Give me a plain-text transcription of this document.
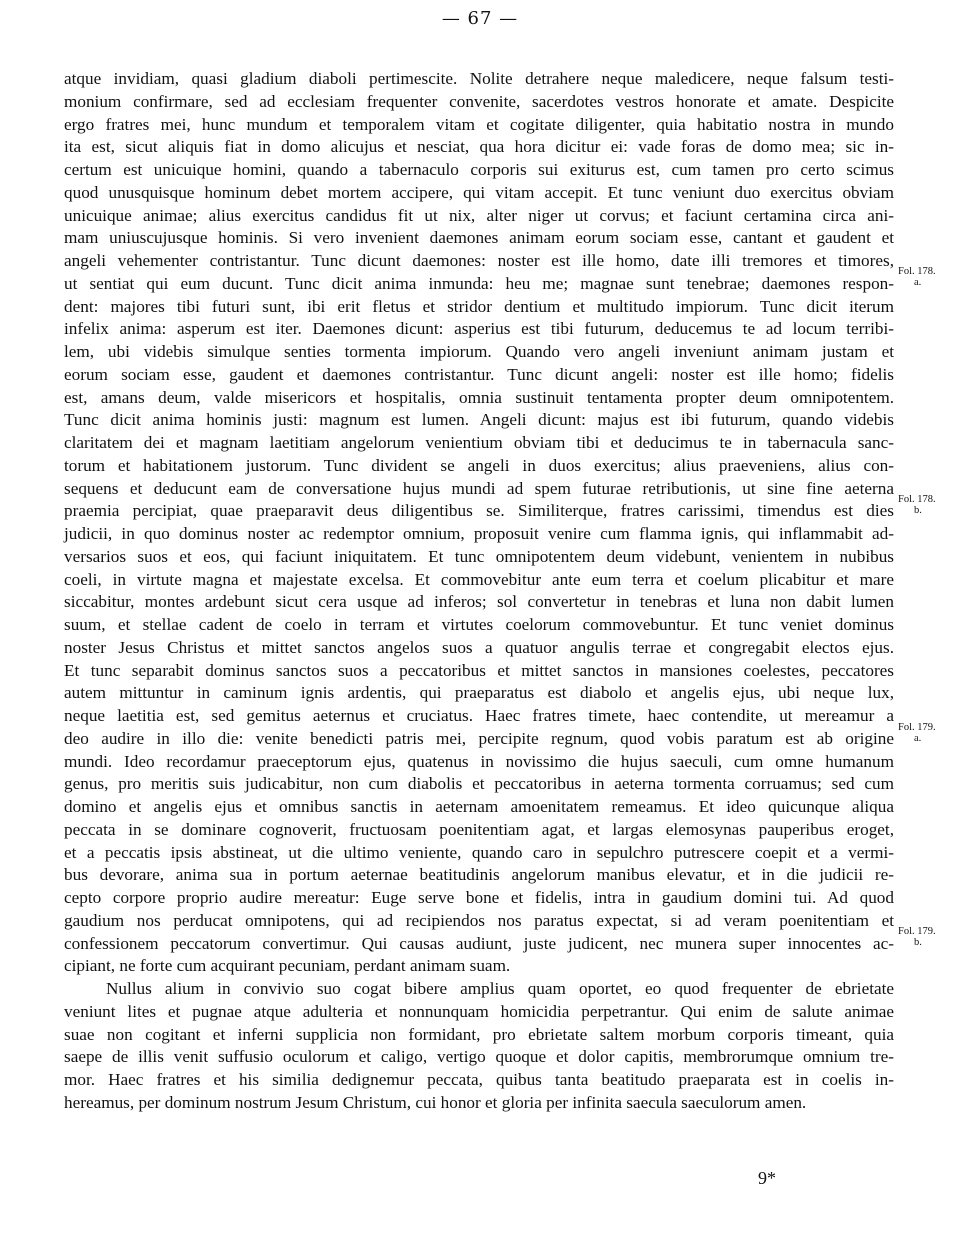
— 67 —
atque invidiam, quasi gladium diaboli pertimescite. Nolite detrahere neque maledicere, neque falsum testi-
monium confirmare, sed ad ecclesiam frequenter convenite, sacerdotes vestros honorate et amate. Despicite
ergo fratres mei, hunc mundum et temporalem vitam et cogitate diligenter, quia habitatio nostra in mundo
ita est, sicut aliquis fiat in domo alicujus et nesciat, qua hora dicitur ei: vade foras de domo mea; sic in-
certum est unicuique homini, quando a tabernaculo corporis sui exiturus est, cum tamen pro certo scimus
quod unusquisque hominum debet mortem accipere, qui vitam accepit. Et tunc veniunt duo exercitus obviam
unicuique animae; alius exercitus candidus fit ut nix, alter niger ut corvus; et faciunt certamina circa ani-
mam uniuscujusque hominis. Si vero invenient daemones animam eorum sociam esse, cantant et gaudent et
angeli vehementer contristantur. Tunc dicunt daemones: noster est ille homo, date illi tremores et timores,
ut sentiat qui eum ducunt. Tunc dicit anima inmunda: heu me; magnae sunt tenebrae; daemones respon-
dent: majores tibi futuri sunt, ibi erit fletus et stridor dentium et multitudo impiorum. Tunc dicit iterum
infelix anima: asperum est iter. Daemones dicunt: asperius est tibi futurum, deducemus te ad locum terribi-
lem, ubi videbis simulque senties tormenta impiorum. Quando vero angeli inveniunt animam justam et
eorum sociam esse, gaudent et daemones contristantur. Tunc dicunt angeli: noster est ille homo; fidelis
est, amans deum, valde misericors et hospitalis, omnia sustinuit tentamenta propter deum omnipotentem.
Tunc dicit anima hominis justi: magnum est lumen. Angeli dicunt: majus est ibi futurum, quando videbis
claritatem dei et magnam laetitiam angelorum venientium obviam tibi et deducimus te in tabernacula sanc-
torum et habitationem justorum. Tunc divident se angeli in duos exercitus; alius praeveniens, alius con-
sequens et deducunt eam de conversatione hujus mundi ad spem futurae retributionis, ut sine fine aeterna
praemia percipiat, quae praeparavit deus diligentibus se. Similiterque, fratres carissimi, timendus est dies
judicii, in quo dominus noster ac redemptor omnium, proposuit venire cum flamma ignis, qui inflammabit ad-
versarios suos et eos, qui faciunt iniquitatem. Et tunc omnipotentem deum videbunt, venientem in nubibus
coeli, in virtute magna et majestate excelsa. Et commovebitur ante eum terra et coelum plicabitur et mare
siccabitur, montes ardebunt sicut cera usque ad inferos; sol convertetur in tenebras et luna non dabit lumen
suum, et stellae cadent de coelo in terram et virtutes coelorum commovebuntur. Et tunc veniet dominus
noster Jesus Christus et mittet sanctos angelos suos a quatuor angulis terrae et congregabit electos ejus.
Et tunc separabit dominus sanctos suos a peccatoribus et mittet sanctos in mansiones coelestes, peccatores
autem mittuntur in caminum ignis ardentis, qui praeparatus est diabolo et angelis ejus, ubi neque lux,
neque laetitia est, sed gemitus aeternus et cruciatus. Haec fratres timete, haec contendite, ut mereamur a
deo audire in illo die: venite benedicti patris mei, percipite regnum, quod vobis paratum est ab origine
mundi. Ideo recordamur praeceptorum ejus, quatenus in novissimo die hujus saeculi, cum omne humanum
genus, pro meritis suis judicabitur, non cum diabolis et peccatoribus in aeterna tormenta corruamus; sed cum
domino et angelis ejus et omnibus sanctis in aeternam amoenitatem remeamus. Et ideo quicunque aliqua
peccata in se dominare cognoverit, fructuosam poenitentiam agat, et largas elemosynas pauperibus eroget,
et a peccatis ipsis abstineat, ut die ultimo veniente, quando caro in sepulchro putrescere coepit et a vermi-
bus devorare, anima sua in portum aeternae beatitudinis angelorum manibus elevatur, et in die judicii re-
cepto corpore proprio audire mereatur: Euge serve bone et fidelis, intra in gaudium domini tui. Ad quod
gaudium nos perducat omnipotens, qui ad recipiendos nos paratus expectat, si ad veram poenitentiam et
confessionem peccatorum convertimur. Qui causas audiunt, juste judicent, nec munera super innocentes ac-
cipiant, ne forte cum acquirant pecuniam, perdant animam suam.
Nullus alium in convivio suo cogat bibere amplius quam oportet, eo quod frequenter de ebrietate
veniunt lites et pugnae atque adulteria et nonnunquam homicidia perpetrantur. Qui enim de salute animae
suae non cogitant et inferni supplicia non formidant, pro ebrietate saltem morbum corporis timeant, quia
saepe de illis venit suffusio oculorum et caligo, vertigo quoque et dolor capitis, membrorumque omnium tre-
mor. Haec fratres et his similia dedignemur peccata, quibus tanta beatitudo praeparata est in coelis in-
hereamus, per dominum nostrum Jesum Christum, cui honor et gloria per infinita saecula saeculorum amen.
Fol. 178.
a.
Fol. 178.
b.
Fol. 179.
a.
Fol. 179.
b.
9*
